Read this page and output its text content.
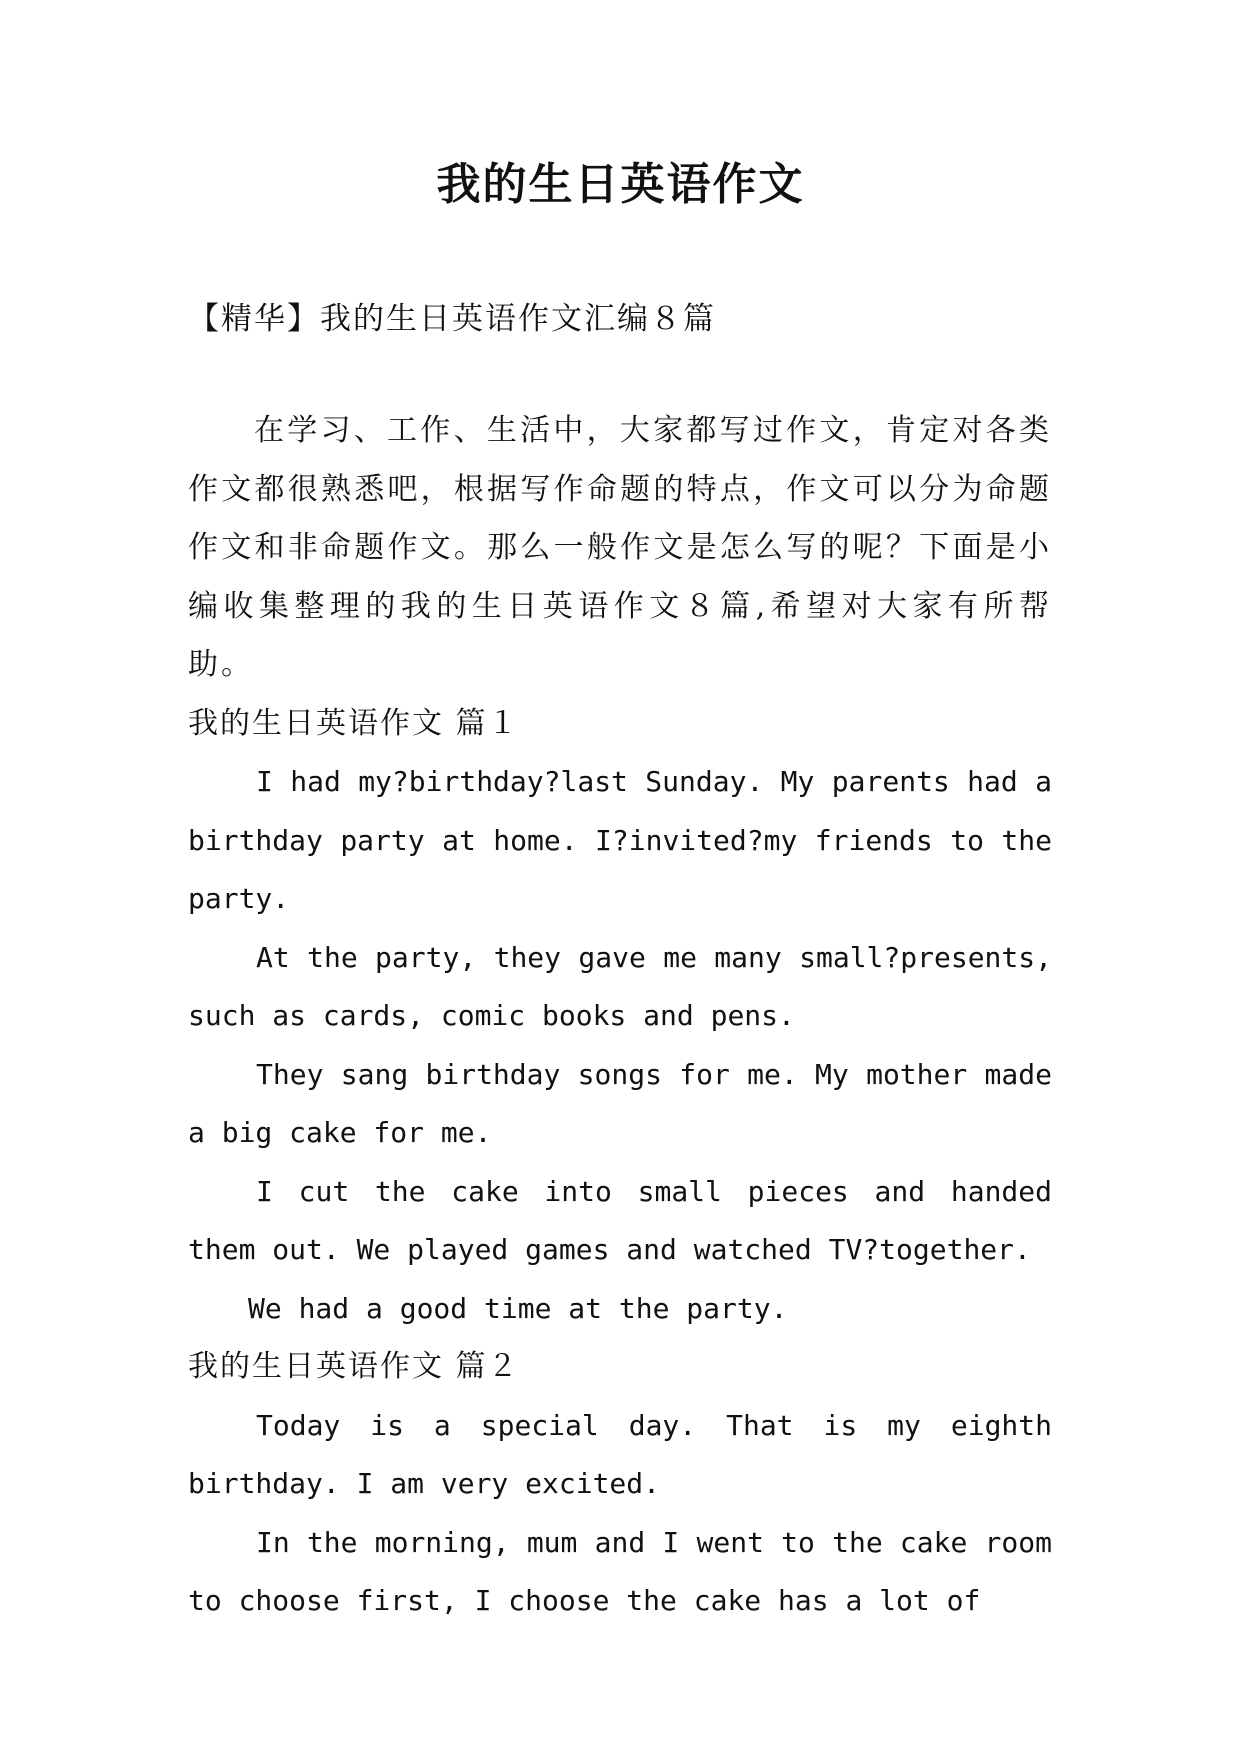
我的生日英语作文
【精华】我的生日英语作文汇编８篇

在学习、工作、生活中，大家都写过作文，肯定对各类作文都很熟悉吧，根据写作命题的特点，作文可以分为命题作文和非命题作文。那么一般作文是怎么写的呢？下面是小编收集整理的我的生日英语作文８篇,希望对大家有所帮助。

我的生日英语作文 篇１

I had my?birthday?last Sunday. My parents had a birthday party at home. I?invited?my friends to the party.

At the party, they gave me many small?presents, such as cards, comic books and pens.

They sang birthday songs for me. My mother made a big cake for me.

I cut the cake into small pieces and handed them out. We played games and watched TV?together.

We had a good time at the party.

我的生日英语作文 篇２

Today is a special day. That is my eighth birthday. I am very excited.

In the morning, mum and I went to the cake room to choose first, I choose the cake has a lot of
